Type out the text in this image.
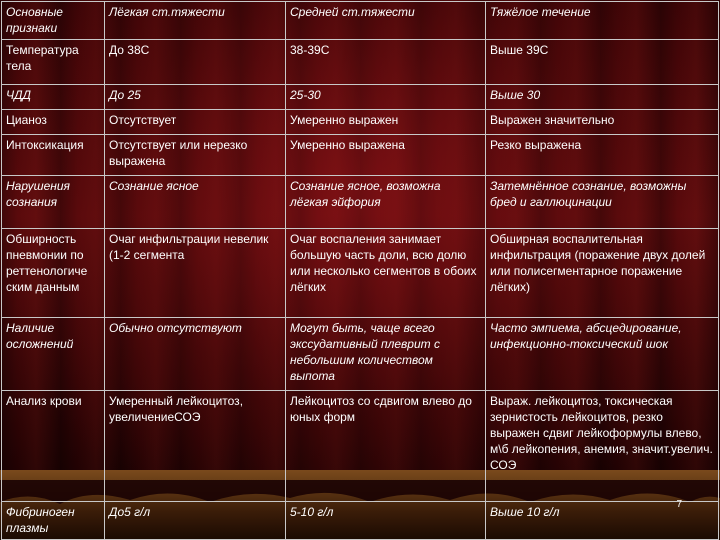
Основные признаки	Лёгкая ст.тяжести	Средней ст.тяжести	Тяжёлое течение
Температура тела	До 38С	38-39С	Выше 39С
ЧДД	До 25	25-30	Выше 30
Цианоз	Отсутствует	Умеренно выражен	Выражен значительно
Интоксикация	Отсутствует или нерезко выражена	Умеренно выражена	Резко выражена
Нарушения сознания	Сознание ясное	Сознание ясное, возможна лёгкая эйфория	Затемнённое сознание, возможны бред и галлюцинации
Обширность пневмонии по реттенологиче ским данным	Очаг инфильтрации невелик (1-2 сегмента	Очаг воспаления занимает большую часть доли, всю долю или несколько сегментов в обоих лёгких	Обширная воспалительная инфильтрация (поражение двух долей или полисегментарное поражение лёгких)
Наличие осложнений	Обычно отсутствуют	Могут быть, чаще всего экссудативный плеврит с небольшим количеством выпота	Часто эмпиема, абсцедирование, инфекционно-токсический шок
Анализ крови	Умеренный лейкоцитоз, увеличениеСОЭ	Лейкоцитоз со сдвигом влево до юных форм	Выраж. лейкоцитоз, токсическая зернистость лейкоцитов, резко выражен сдвиг лейкоформулы влево, м\б лейкопения, анемия, значит.увелич. СОЭ
Фибриноген плазмы	До5 г/л	5-10 г/л	Выше 10 г/л
7
